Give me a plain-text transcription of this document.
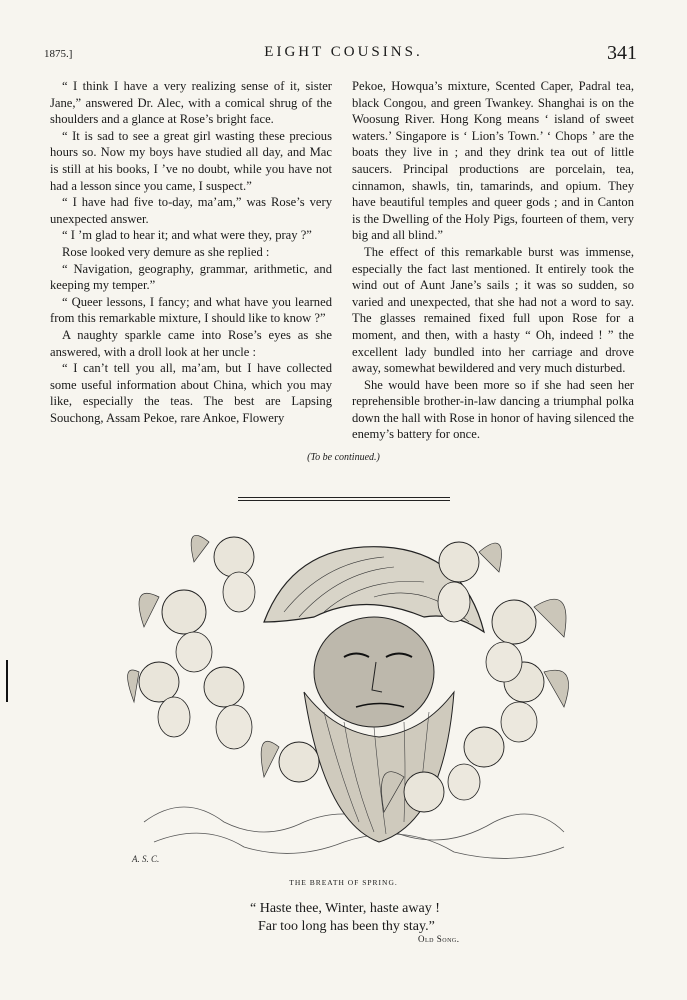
1875.]	EIGHT COUSINS.	341

“ I think I have a very realizing sense of it, sister Jane,” answered Dr. Alec, with a comical shrug of the shoulders and a glance at Rose’s bright face.

“ It is sad to see a great girl wasting these precious hours so. Now my boys have studied all day, and Mac is still at his books, I ’ve no doubt, while you have not had a lesson since you came, I suspect.”

“ I have had five to-day, ma’am,” was Rose’s very unexpected answer.

“ I ’m glad to hear it; and what were they, pray ?”

Rose looked very demure as she replied :

“ Navigation, geography, grammar, arithmetic, and keeping my temper.”

“ Queer lessons, I fancy; and what have you learned from this remarkable mixture, I should like to know ?”

A naughty sparkle came into Rose’s eyes as she answered, with a droll look at her uncle :

“ I can’t tell you all, ma’am, but I have collected some useful information about China, which you may like, especially the teas. The best are Lapsing Souchong, Assam Pekoe, rare Ankoe, Flowery

Pekoe, Howqua’s mixture, Scented Caper, Padral tea, black Congou, and green Twankey. Shanghai is on the Woosung River. Hong Kong means ‘ island of sweet waters.’ Singapore is ‘ Lion’s Town.’ ‘ Chops ’ are the boats they live in ; and they drink tea out of little saucers. Principal productions are porcelain, tea, cinnamon, shawls, tin, tamarinds, and opium. They have beautiful temples and queer gods ; and in Canton is the Dwelling of the Holy Pigs, fourteen of them, very big and all blind.”

The effect of this remarkable burst was immense, especially the fact last mentioned. It entirely took the wind out of Aunt Jane’s sails ; it was so sudden, so varied and unexpected, that she had not a word to say. The glasses remained fixed full upon Rose for a moment, and then, with a hasty “ Oh, indeed ! ” the excellent lady bundled into her carriage and drove away, somewhat bewildered and very much disturbed.

She would have been more so if she had seen her reprehensible brother-in-law dancing a triumphal polka down the hall with Rose in honor of having silenced the enemy’s battery for once.

(To be continued.)
A. S. C.
THE BREATH OF SPRING.
“ Haste thee, Winter, haste away !
Far too long has been thy stay.”
Old Song.
